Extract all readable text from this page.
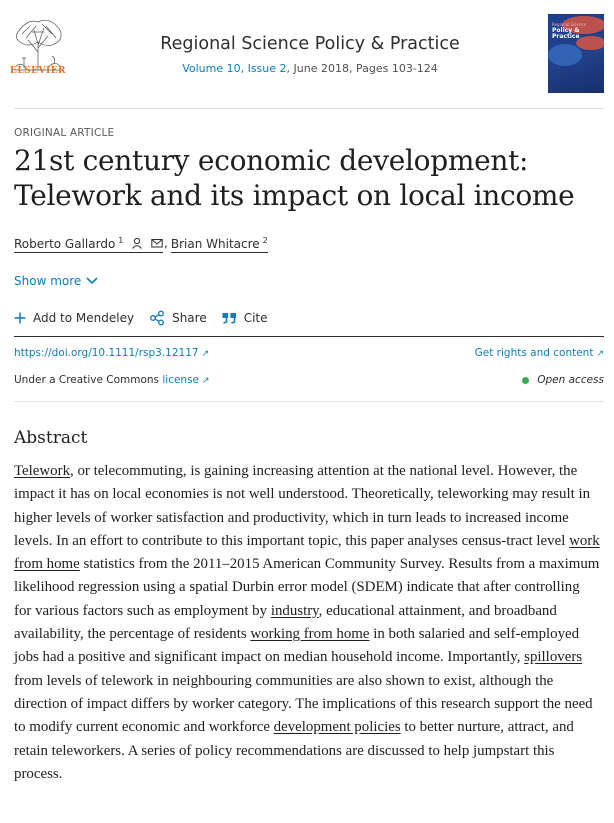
ELSEVIER
Regional Science Policy & Practice
Volume 10, Issue 2, June 2018, Pages 103-124
Regional Science
Policy &
Practice
ORIGINAL ARTICLE
21st century economic development:
Telework and its impact on local income
Roberto Gallardo $^1$	, Brian Whitacre $^2$
Show more
Add to Mendeley	Share	Cite
https://doi.org/10.1111/rsp3.12117 ↗	Get rights and content ↗
Under a Creative Commons license ↗	Open access
Abstract
Telework, or telecommuting, is gaining increasing attention at the national level. However, the impact it has on local economies is not well understood. Theoretically, teleworking may result in higher levels of worker satisfaction and productivity, which in turn leads to increased income levels. In an effort to contribute to this important topic, this paper analyses census-tract level work from home statistics from the 2011–2015 American Community Survey. Results from a maximum likelihood regression using a spatial Durbin error model (SDEM) indicate that after controlling for various factors such as employment by industry, educational attainment, and broadband availability, the percentage of residents working from home in both salaried and self-employed jobs had a positive and significant impact on median household income. Importantly, spillovers from levels of telework in neighbouring communities are also shown to exist, although the direction of impact differs by worker category. The implications of this research support the need to modify current economic and workforce development policies to better nurture, attract, and retain teleworkers. A series of policy recommendations are discussed to help jumpstart this process.
